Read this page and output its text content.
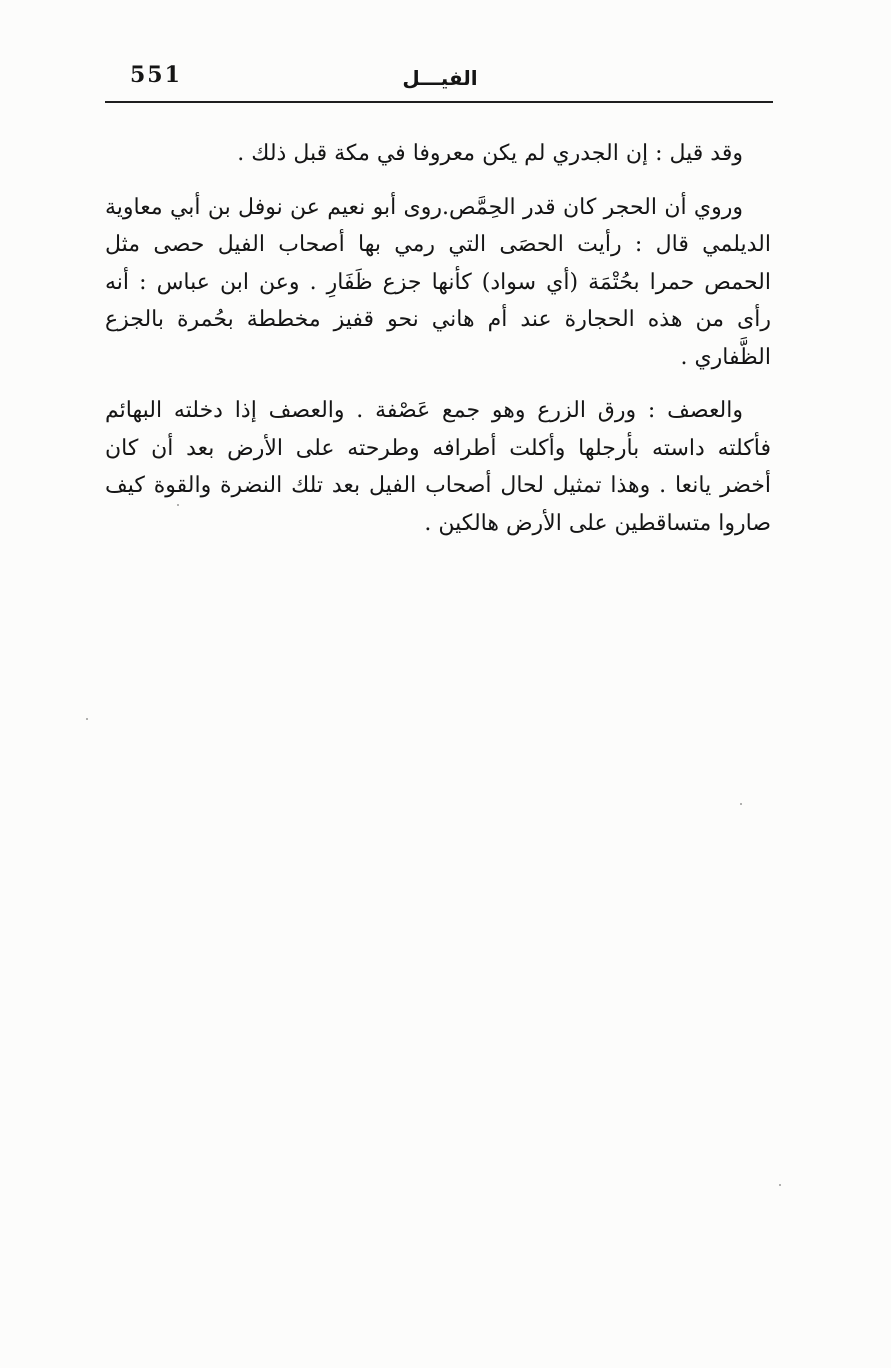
551	الفيـــل

وقد قيل : إن الجدري لم يكن معروفا في مكة قبل ذلك .

وروي أن الحجر كان قدر الحِمَّص.روى أبو نعيم عن نوفل بن أبي معاوية الديلمي قال : رأيت الحصَى التي رمي بها أصحاب الفيل حصى مثل الحمص حمرا بحُتْمَة (أي سواد) كأنها جزع ظَفَارِ . وعن ابن عباس : أنه رأى من هذه الحجارة عند أم هاني نحو قفيز مخططة بحُمرة بالجزع الظَّفاري .

والعصف : ورق الزرع وهو جمع عَصْفة . والعصف إذا دخلته البهائم فأكلته داسته بأرجلها وأكلت أطرافه وطرحته على الأرض بعد أن كان أخضر يانعا . وهذا تمثيل لحال أصحاب الفيل بعد تلك النضرة والقوة كيف صاروا متساقطين على الأرض هالكين .
